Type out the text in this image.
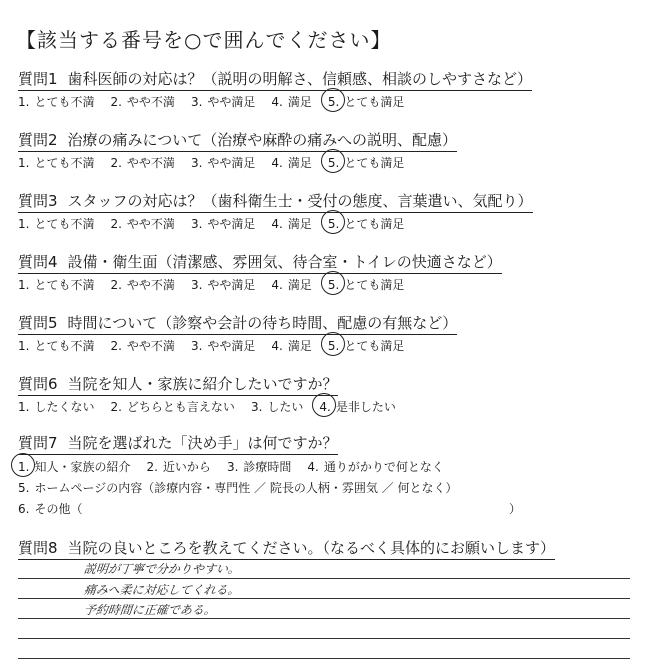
【該当する番号を○で囲んでください】
質問1 歯科医師の対応は？（説明の明解さ、信頼感、相談のしやすさなど）
1. とても不満 2. やや不満 3. やや満足 4. 満足 5. とても満足
質問2 治療の痛みについて（治療や麻酔の痛みへの説明、配慮）
1. とても不満 2. やや不満 3. やや満足 4. 満足 5. とても満足
質問3 スタッフの対応は？（歯科衛生士・受付の態度、言葉遣い、気配り）
1. とても不満 2. やや不満 3. やや満足 4. 満足 5. とても満足
質問4 設備・衛生面（清潔感、雰囲気、待合室・トイレの快適さなど）
1. とても不満 2. やや不満 3. やや満足 4. 満足 5. とても満足
質問5 時間について（診察や会計の待ち時間、配慮の有無など）
1. とても不満 2. やや不満 3. やや満足 4. 満足 5. とても満足
質問6 当院を知人・家族に紹介したいですか？
1. したくない 2. どちらとも言えない 3. したい 4. 是非したい
質問7 当院を選ばれた「決め手」は何ですか？
1. 知人・家族の紹介 2. 近いから 3. 診療時間 4. 通りがかりで何となく
5. ホームページの内容（診療内容・専門性 ／ 院長の人柄・雰囲気 ／ 何となく）
6. その他（	）
質問8 当院の良いところを教えてください。（なるべく具体的にお願いします）
説明が丁寧で分かりやすい。
痛みへ柔に対応してくれる。
予約時間に正確である。
